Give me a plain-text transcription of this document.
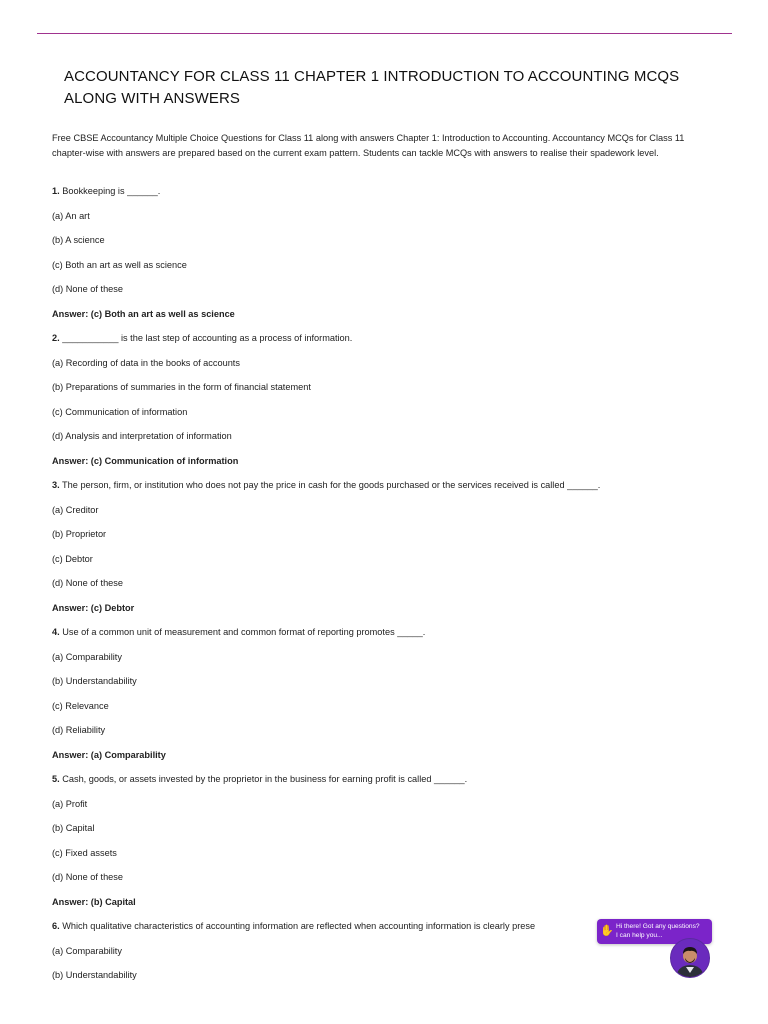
ACCOUNTANCY FOR CLASS 11 CHAPTER 1 INTRODUCTION TO ACCOUNTING MCQS ALONG WITH ANSWERS

Free CBSE Accountancy Multiple Choice Questions for Class 11 along with answers Chapter 1: Introduction to Accounting. Accountancy MCQs for Class 11 chapter-wise with answers are prepared based on the current exam pattern. Students can tackle MCQs with answers to realise their spadework level.

1. Bookkeeping is ______.
(a) An art
(b) A science
(c) Both an art as well as science
(d) None of these
Answer: (c) Both an art as well as science
2. ___________ is the last step of accounting as a process of information.
(a) Recording of data in the books of accounts
(b) Preparations of summaries in the form of financial statement
(c) Communication of information
(d) Analysis and interpretation of information
Answer: (c) Communication of information
3. The person, firm, or institution who does not pay the price in cash for the goods purchased or the services received is called ______.
(a) Creditor
(b) Proprietor
(c) Debtor
(d) None of these
Answer: (c) Debtor
4. Use of a common unit of measurement and common format of reporting promotes _____.
(a) Comparability
(b) Understandability
(c) Relevance
(d) Reliability
Answer: (a) Comparability
5. Cash, goods, or assets invested by the proprietor in the business for earning profit is called ______.
(a) Profit
(b) Capital
(c) Fixed assets
(d) None of these
Answer: (b) Capital
6. Which qualitative characteristics of accounting information are reflected when accounting information is clearly prese
(a) Comparability
(b) Understandability
✋ Hi there! Got any questions?
I can help you...
